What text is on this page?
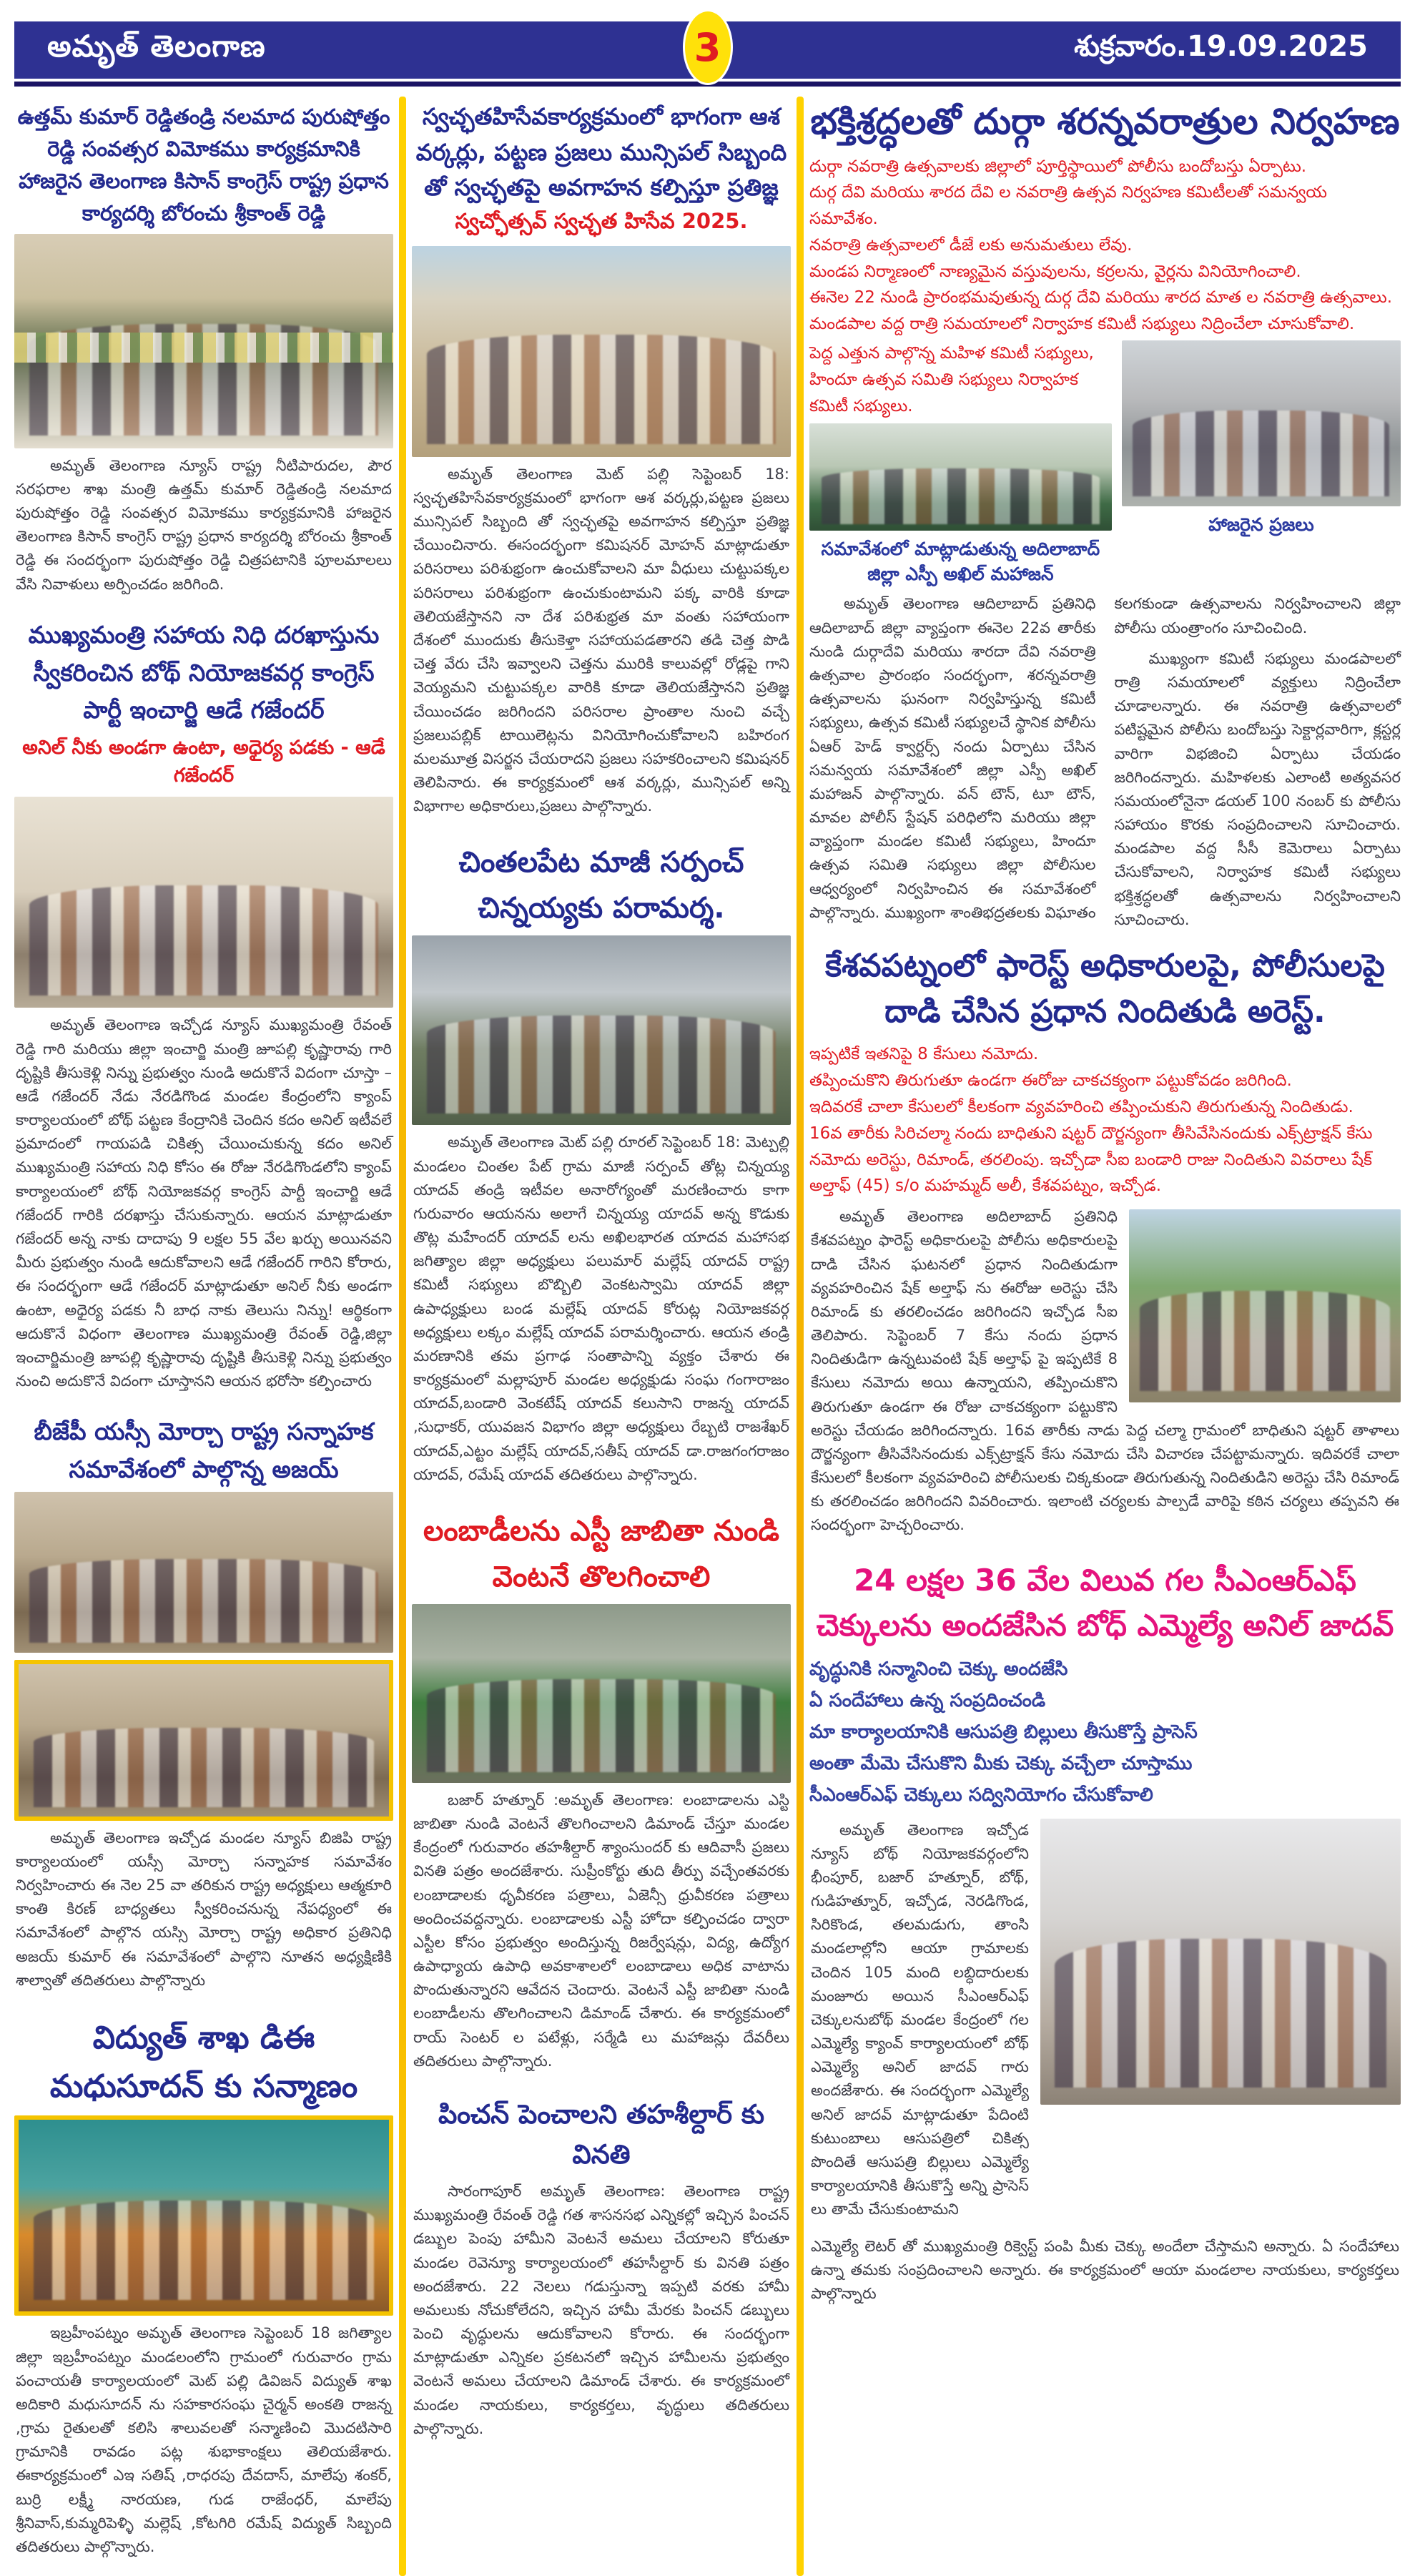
అమృత్ తెలంగాణ	3	శుక్రవారం.19.09.2025
ఉత్తమ్ కుమార్ రెడ్డితండ్రి నలమాద పురుషోత్తం రెడ్డి సంవత్సర విమోకము కార్యక్రమానికి హాజరైన తెలంగాణ కిసాన్ కాంగ్రెస్ రాష్ట్ర ప్రధాన కార్యదర్శి బోరంచు శ్రీకాంత్ రెడ్డి

అమృత్ తెలంగాణ న్యూస్ రాష్ట్ర నీటిపారుదల, పౌర సరఫరాల శాఖ మంత్రి ఉత్తమ్ కుమార్ రెడ్డితండ్రి నలమాద పురుషోత్తం రెడ్డి సంవత్సర విమోకము కార్యక్రమానికి హాజరైన తెలంగాణ కిసాన్ కాంగ్రెస్ రాష్ట్ర ప్రధాన కార్యదర్శి బోరంచు శ్రీకాంత్ రెడ్డి ఈ సందర్భంగా పురుషోత్తం రెడ్డి చిత్రపటానికి పూలమాలలు వేసి నివాళులు అర్పించడం జరిగింది.

ముఖ్యమంత్రి సహాయ నిధి దరఖాస్తును స్వీకరించిన బోథ్ నియోజకవర్గ కాంగ్రెస్ పార్టీ ఇంచార్జి ఆడే గజేందర్
అనిల్ నీకు అండగా ఉంటా, అధైర్య పడకు - ఆడే గజేందర్

అమృత్ తెలంగాణ ఇచ్చోడ న్యూస్ ముఖ్యమంత్రి రేవంత్ రెడ్డి గారి మరియు జిల్లా ఇంచార్జి మంత్రి జూపల్లి కృష్ణారావు గారి దృష్టికి తీసుకెళ్లి నిన్ను ప్రభుత్వం నుండి అదుకొనే విదంగా చూస్తా – ఆడే గజేందర్ నేడు నేరడిగొండ మండల కేంద్రంలోని క్యాంప్ కార్యాలయంలో బోథ్ పట్టణ కేంద్రానికి చెందిన కదం అనిల్ ఇటీవలే ప్రమాదంలో గాయపడి చికిత్స చేయించుకున్న కదం అనిల్ ముఖ్యమంత్రి సహాయ నిధి కోసం ఈ రోజు నేరడిగొండలోని క్యాంప్ కార్యాలయంలో బోథ్ నియోజకవర్గ కాంగ్రెస్ పార్టీ ఇంచార్జి ఆడే గజేందర్ గారికి దరఖాస్తు చేసుకున్నారు. ఆయన మాట్లాడుతూ గజేందర్ అన్న నాకు దాదాపు 9 లక్షల 55 వేల ఖర్చు అయినవని మీరు ప్రభుత్వం నుండి ఆదుకోవాలని ఆడే గజేందర్ గారిని కోరారు, ఈ సందర్భంగా ఆడే గజేందర్ మాట్లాడుతూ అనిల్ నీకు అండగా ఉంటా, అధైర్య పడకు నీ బాధ నాకు తెలుసు నిన్ను! ఆర్థికంగా ఆదుకొనే విధంగా తెలంగాణ ముఖ్యమంత్రి రేవంత్ రెడ్డి,జిల్లా ఇంచార్జిమంత్రి జూపల్లి కృష్ణారావు దృష్టికి తీసుకెళ్లి నిన్ను ప్రభుత్వం నుంచి అదుకొనే విదంగా చూస్తానని ఆయన భరోసా కల్పించారు

బీజేపీ యస్సీ మోర్చా రాష్ట్ర సన్నాహక సమావేశంలో పాల్గొన్న అజయ్

అమృత్ తెలంగాణ ఇచ్చోడ మండల న్యూస్ బిజిపి రాష్ట్ర కార్యాలయంలో యస్సీ మోర్చా సన్నాహక సమావేశం నిర్వహించారు ఈ నెల 25 వా తరికున రాష్ట్ర అధ్యక్షులు ఆత్మకూరి కాంతి కిరణ్ బాధ్యతలు స్వీకరించనున్న నేపధ్యంలో ఈ సమావేశంలో పాల్గొన యస్సి మోర్చా రాష్ట్ర అధికార ప్రతినిధి అజయ్ కుమార్ ఈ సమావేశంలో పాల్గొని నూతన అధ్యక్షిణికి శాల్వాతో తదితరులు పాల్గొన్నారు

విద్యుత్ శాఖ డిఈ మధుసూదన్ కు సన్మాణం

ఇబ్రహీంపట్నం అమృత్ తెలంగాణ సెప్టెంబర్ 18 జగిత్యాల జిల్లా ఇబ్రహీంపట్నం మండలంలోని గ్రామంలో గురువారం గ్రామ పంచాయతీ కార్యాలయంలో మెట్ పల్లి డివిజన్ విద్యుత్ శాఖ అదికారి మధుసూదన్ ను సహకారసంఘ చైర్మన్ అంకతి రాజన్న ,గ్రామ రైతులతో కలిసి శాలువలతో సన్మాణించి మొదటిసారి గ్రామానికి రావడం పట్ల శుభాకాంక్షలు తెలియజేశారు. ఈకార్యక్రమంలో ఎఇ సతిష్ ,రాధరపు దేవదాస్, మాలేపు శంకర్, బుర్రి లక్ష్మీ నారయణ, గుడ రాజేంధర్, మాలేపు శ్రీనివాస్,కుమ్మరిపెళ్ళి మల్లెష్ ,కోటగిరి రమేష్ విద్యుత్ సిబ్బంది తదితరులు పాల్గొన్నారు.

స్వచ్ఛతహిసేవకార్యక్రమంలో భాగంగా ఆశ వర్కర్లు, పట్టణ ప్రజలు మున్సిపల్ సిబ్బంది తో స్వచ్ఛతపై అవగాహన కల్పిస్తూ ప్రతిజ్ఞ
స్వచ్ఛోత్సవ్ స్వచ్ఛత హిసేవ 2025.

అమృత్ తెలంగాణ మెట్ పల్లి సెప్టెంబర్ 18: స్వచ్ఛతహిసేవకార్యక్రమంలో భాగంగా ఆశ వర్కర్లు,పట్టణ ప్రజలు మున్సిపల్ సిబ్బంది తో స్వచ్ఛతపై అవగాహన కల్పిస్తూ ప్రతిజ్ఞ చేయించినారు. ఈసందర్భంగా కమిషనర్ మోహన్ మాట్లాడుతూ పరిసరాలు పరిశుభ్రంగా ఉంచుకోవాలని మా వీధులు చుట్టుపక్కల పరిసరాలు పరిశుభ్రంగా ఉంచుకుంటామని పక్క వారికి కూడా తెలియజేస్తానని నా దేశ పరిశుభ్రత మా వంతు సహాయంగా దేశంలో ముందుకు తీసుకెళ్తా సహాయపడతారని తడి చెత్త పొడి చెత్త వేరు చేసి ఇవ్వాలని చెత్తను మురికి కాలువల్లో రోడ్లపై గాని వెయ్యమని చుట్టుపక్కల వారికి కూడా తెలియజేస్తానని ప్రతిజ్ఞ చేయించడం జరిగిందని పరిసరాల ప్రాంతాల నుంచి వచ్చే ప్రజలుపబ్లిక్ టాయిలెట్లను వినియోగించుకోవాలని బహిరంగ మలమూత్ర విసర్జన చేయరాదని ప్రజలు సహకరించాలని కమిషనర్ తెలిపినారు. ఈ కార్యక్రమంలో ఆశ వర్కర్లు, మున్సిపల్ అన్ని విభాగాల అధికారులు,ప్రజలు పాల్గొన్నారు.

చింతలపేట మాజీ సర్పంచ్ చిన్నయ్యకు పరామర్శ.

అమృత్ తెలంగాణ మెట్ పల్లి రూరల్ సెప్టెంబర్ 18: మెట్పల్లి మండలం చింతల పేట్ గ్రామ మాజీ సర్పంచ్ తోట్ల చిన్నయ్య యాదవ్ తండ్రి ఇటీవల అనారోగ్యంతో మరణించారు కాగా గురువారం ఆయనను అలాగే చిన్నయ్య యాదవ్ అన్న కొడుకు తొట్ల మహేందర్ యాదవ్ లను అఖిలభారత యాదవ మహాసభ జగిత్యాల జిల్లా అధ్యక్షులు పలుమార్ మల్లేష్ యాదవ్ రాష్ట్ర కమిటీ సభ్యులు బొబ్బిలి వెంకటస్వామి యాదవ్ జిల్లా ఉపాధ్యక్షులు బండ మల్లేష్ యాదవ్ కోరుట్ల నియోజకవర్గ అధ్యక్షులు లక్కం మల్లేష్ యాదవ్ పరామర్శించారు. ఆయన తండ్రి మరణానికి తమ ప్రగాఢ సంతాపాన్ని వ్యక్తం చేశారు ఈ కార్యక్రమంలో మల్లాపూర్ మండల అధ్యక్షుడు సంఘ గంగారాజం యాదవ్,బండారి వెంకటేష్ యాదవ్ కలుసాని రాజన్న యాదవ్ ,సుధాకర్, యువజన విభాగం జిల్లా అధ్యక్షులు రేబ్బటి రాజశేఖర్ యాదవ్,ఎట్టం మల్లేష్ యాదవ్,సతీష్ యాదవ్ డా.రాజగంగరాజం యాదవ్, రమేష్ యాదవ్ తదితరులు పాల్గొన్నారు.

లంబాడీలను ఎస్టీ జాబితా నుండి వెంటనే తొలగించాలి

బజార్ హత్నూర్ :అమృత్ తెలంగాణ: లంబాడాలను ఎస్టి జాబితా నుండి వెంటనే తొలగించాలని డిమాండ్ చేస్తూ మండల కేంద్రంలో గురువారం తహశీల్దార్ శ్యాంసుందర్ కు ఆదివాసీ ప్రజలు వినతి పత్రం అందజేశారు. సుప్రీంకోర్టు తుది తీర్పు వచ్చేంతవరకు లంబాడాలకు ధృవీకరణ పత్రాలు, ఏజెన్సీ ధ్రువీకరణ పత్రాలు అందించవద్దన్నారు. లంబాడాలకు ఎస్టీ హోదా కల్పించడం ద్వారా ఎస్టీల కోసం ప్రభుత్వం అందిస్తున్న రిజర్వేషన్లు, విద్య, ఉద్యోగ ఉపాధ్యాయ ఉపాధి అవకాశాలలో లంబాడాలు అధిక వాటాను పొందుతున్నారని ఆవేదన చెందారు. వెంటనే ఎస్టీ జాబితా నుండి లంబాడీలను తొలగించాలని డిమాండ్ చేశారు. ఈ కార్యక్రమంలో రాయ్ సెంటర్ ల పటేళ్లు, సర్మేడి లు మహాజన్లు దేవరీలు తదితరులు పాల్గొన్నారు.

పించన్ పెంచాలని తహశీల్దార్ కు వినతి

సారంగాపూర్ అమృత్ తెలంగాణ: తెలంగాణ రాష్ట్ర ముఖ్యమంత్రి రేవంత్ రెడ్డి గత శాసనసభ ఎన్నికల్లో ఇచ్చిన పించన్ డబ్బుల పెంపు హామీని వెంటనే అమలు చేయాలని కోరుతూ మండల రెవెన్యూ కార్యాలయంలో తహసీల్దార్ కు వినతి పత్రం అందజేశారు. 22 నెలలు గడుస్తున్నా ఇప్పటి వరకు హామీ అమలుకు నోచుకోలేదని, ఇచ్చిన హామీ మేరకు పించన్ డబ్బులు పెంచి వృద్ధులను ఆదుకోవాలని కోరారు. ఈ సందర్భంగా మాట్లాడుతూ ఎన్నికల ప్రకటనలో ఇచ్చిన హామీలను ప్రభుత్వం వెంటనే అమలు చేయాలని డిమాండ్ చేశారు. ఈ కార్యక్రమంలో మండల నాయకులు, కార్యకర్తలు, వృద్ధులు తదితరులు పాల్గొన్నారు.

భక్తిశ్రద్ధలతో దుర్గా శరన్నవరాత్రుల నిర్వహణ
దుర్గా నవరాత్రి ఉత్సవాలకు జిల్లాలో పూర్తిస్థాయిలో పోలీసు బందోబస్తు ఏర్పాటు.
దుర్గ దేవి మరియు శారద దేవి ల నవరాత్రి ఉత్సవ నిర్వహణ కమిటీలతో సమన్వయ సమావేశం.
నవరాత్రి ఉత్సవాలలో డీజే లకు అనుమతులు లేవు.
మండప నిర్మాణంలో నాణ్యమైన వస్తువులను, కర్రలను, వైర్లను వినియోగించాలి.
ఈనెల 22 నుండి ప్రారంభమవుతున్న దుర్గ దేవి మరియు శారద మాత ల నవరాత్రి ఉత్సవాలు.
మండపాల వద్ద రాత్రి సమయాలలో నిర్వాహక కమిటీ సభ్యులు నిద్రించేలా చూసుకోవాలి.
పెద్ద ఎత్తున పాల్గొన్న మహిళ కమిటీ సభ్యులు, హిందూ ఉత్సవ సమితి సభ్యులు నిర్వాహక కమిటీ సభ్యులు.
సమావేశంలో మాట్లాడుతున్న అదిలాబాద్ జిల్లా ఎస్పీ అఖిల్ మహాజన్
హాజరైన ప్రజలు

అమృత్ తెలంగాణ ఆదిలాబాద్ ప్రతినిధి ఆదిలాబాద్ జిల్లా వ్యాప్తంగా ఈనెల 22వ తారీకు నుండి దుర్గాదేవి మరియు శారదా దేవి నవరాత్రి ఉత్సవాల ప్రారంభం సందర్భంగా, శరన్నవరాత్రి ఉత్సవాలను ఘనంగా నిర్వహిస్తున్న కమిటీ సభ్యులు, ఉత్సవ కమిటీ సభ్యులచే స్థానిక పోలీసు ఏఆర్ హెడ్ క్వార్టర్స్ నందు ఏర్పాటు చేసిన సమన్వయ సమావేశంలో జిల్లా ఎస్పీ అఖిల్ మహాజన్ పాల్గొన్నారు. వన్ టౌన్, టూ టౌన్, మావల పోలీస్ స్టేషన్ పరిధిలోని మరియు జిల్లా వ్యాప్తంగా మండల కమిటీ సభ్యులు, హిందూ ఉత్సవ సమితి సభ్యులు జిల్లా పోలీసుల ఆధ్వర్యంలో నిర్వహించిన ఈ సమావేశంలో పాల్గొన్నారు. ముఖ్యంగా శాంతిభద్రతలకు విఘాతం కలగకుండా ఉత్సవాలను నిర్వహించాలని జిల్లా పోలీసు యంత్రాంగం సూచించింది.

ముఖ్యంగా కమిటీ సభ్యులు మండపాలలో రాత్రి సమయాలలో వ్యక్తులు నిద్రించేలా చూడాలన్నారు. ఈ నవరాత్రి ఉత్సవాలలో పటిష్టమైన పోలీసు బందోబస్తు సెక్టార్లవారిగా, క్లస్టర్ల వారిగా విభజించి ఏర్పాటు చేయడం జరిగిందన్నారు. మహిళలకు ఎలాంటి అత్యవసర సమయంలోనైనా డయల్ 100 నంబర్ కు పోలీసు సహాయం కొరకు సంప్రదించాలని సూచించారు. మండపాల వద్ద సీసీ కెమెరాలు ఏర్పాటు చేసుకోవాలని, నిర్వాహక కమిటీ సభ్యులు భక్తిశ్రద్ధలతో ఉత్సవాలను నిర్వహించాలని సూచించారు.

కేశవపట్నంలో ఫారెస్ట్ అధికారులపై, పోలీసులపై దాడి చేసిన ప్రధాన నిందితుడి అరెస్ట్.
ఇప్పటికే ఇతనిపై 8 కేసులు నమోదు.
తప్పించుకొని తిరుగుతూ ఉండగా ఈరోజు చాకచక్యంగా పట్టుకోవడం జరిగింది.
ఇదివరకే చాలా కేసులలో కీలకంగా వ్యవహరించి తప్పించుకుని తిరుగుతున్న నిందితుడు.
16వ తారీకు సిరిచల్మా నందు బాధితుని షట్టర్ దౌర్జన్యంగా తీసివేసినందుకు ఎక్స్‌ట్రాక్షన్ కేసు నమోదు అరెస్టు, రిమాండ్, తరలింపు. ఇచ్చోడా సీఐ బండారి రాజు నిందితుని వివరాలు షేక్ అల్తాఫ్ (45) s/o మహమ్మద్ అలీ, కేశవపట్నం, ఇచ్చోడ.

అమృత్ తెలంగాణ అదిలాబాద్ ప్రతినిధి కేశవపట్నం ఫారెస్ట్ అధికారులపై పోలీసు అధికారులపై దాడి చేసిన ఘటనలో ప్రధాన నిందితుడుగా వ్యవహరించిన షేక్ అల్తాఫ్ ను ఈరోజు అరెస్టు చేసి రిమాండ్ కు తరలించడం జరిగిందని ఇచ్చోడ సీఐ తెలిపారు. సెప్టెంబర్ 7 కేసు నందు ప్రధాన నిందితుడిగా ఉన్నటువంటి షేక్ అల్తాఫ్ పై ఇప్పటికే 8 కేసులు నమోదు అయి ఉన్నాయని, తప్పించుకొని తిరుగుతూ ఉండగా ఈ రోజు చాకచక్యంగా పట్టుకొని అరెస్టు చేయడం జరిగిందన్నారు. 16వ తారీకు నాడు పెద్ద చల్మా గ్రామంలో బాధితుని షట్టర్ తాళాలు దౌర్జన్యంగా తీసివేసినందుకు ఎక్స్‌ట్రాక్షన్ కేసు నమోదు చేసి విచారణ చేపట్టామన్నారు. ఇదివరకే చాలా కేసులలో కీలకంగా వ్యవహరించి పోలీసులకు చిక్కకుండా తిరుగుతున్న నిందితుడిని అరెస్టు చేసి రిమాండ్ కు తరలించడం జరిగిందని వివరించారు. ఇలాంటి చర్యలకు పాల్పడే వారిపై కఠిన చర్యలు తప్పవని ఈ సందర్భంగా హెచ్చరించారు.

24 లక్షల 36 వేల విలువ గల సీఎంఆర్ఎఫ్ చెక్కులను అందజేసిన బోధ్ ఎమ్మెల్యే అనిల్ జాదవ్
వృద్ధునికి సన్మానించి చెక్కు అందజేసి
ఏ సందేహాలు ఉన్న సంప్రదించండి
మా కార్యాలయానికి ఆసుపత్రి బిల్లులు తీసుకొస్తే ప్రాసెస్
అంతా మేమె చేసుకొని మీకు చెక్కు వచ్చేలా చూస్తాము
సీఎంఆర్ఎఫ్ చెక్కులు సద్వినియోగం చేసుకోవాలి

అమృత్ తెలంగాణ ఇచ్చోడ న్యూస్ బోథ్ నియోజకవర్గంలోని భీంపూర్, బజార్ హత్నూర్, బోథ్, గుడిహత్నూర్, ఇచ్చోడ, నెరడిగొండ, సిరికొండ, తలమడుగు, తాంసి మండలాల్లోని ఆయా గ్రామాలకు చెందిన 105 మంది లబ్ధిదారులకు మంజూరు అయిన సీఎంఆర్ఎఫ్ చెక్కులనుబోథ్ మండల కేంద్రంలో గల ఎమ్మెల్యే క్యాంవ్ కార్యాలయంలో బోథ్ ఎమ్మెల్యే అనిల్ జాదవ్ గారు అందజేశారు. ఈ సందర్భంగా ఎమ్మెల్యే అనిల్ జాదవ్ మాట్లాడుతూ పేదింటి కుటుంబాలు ఆసుపత్రిలో చికిత్స పొందితే ఆసుపత్రి బిల్లులు ఎమ్మెల్యే కార్యాలయానికి తీసుకొస్తే అన్ని ప్రాసెస్ లు తామే చేసుకుంటామని

ఎమ్మెల్యే లెటర్ తో ముఖ్యమంత్రి రిక్వెస్ట్ పంపి మీకు చెక్కు అందేలా చేస్తామని అన్నారు. ఏ సందేహాలు ఉన్నా తమకు సంప్రదించాలని అన్నారు. ఈ కార్యక్రమంలో ఆయా మండలాల నాయకులు, కార్యకర్తలు పాల్గొన్నారు
